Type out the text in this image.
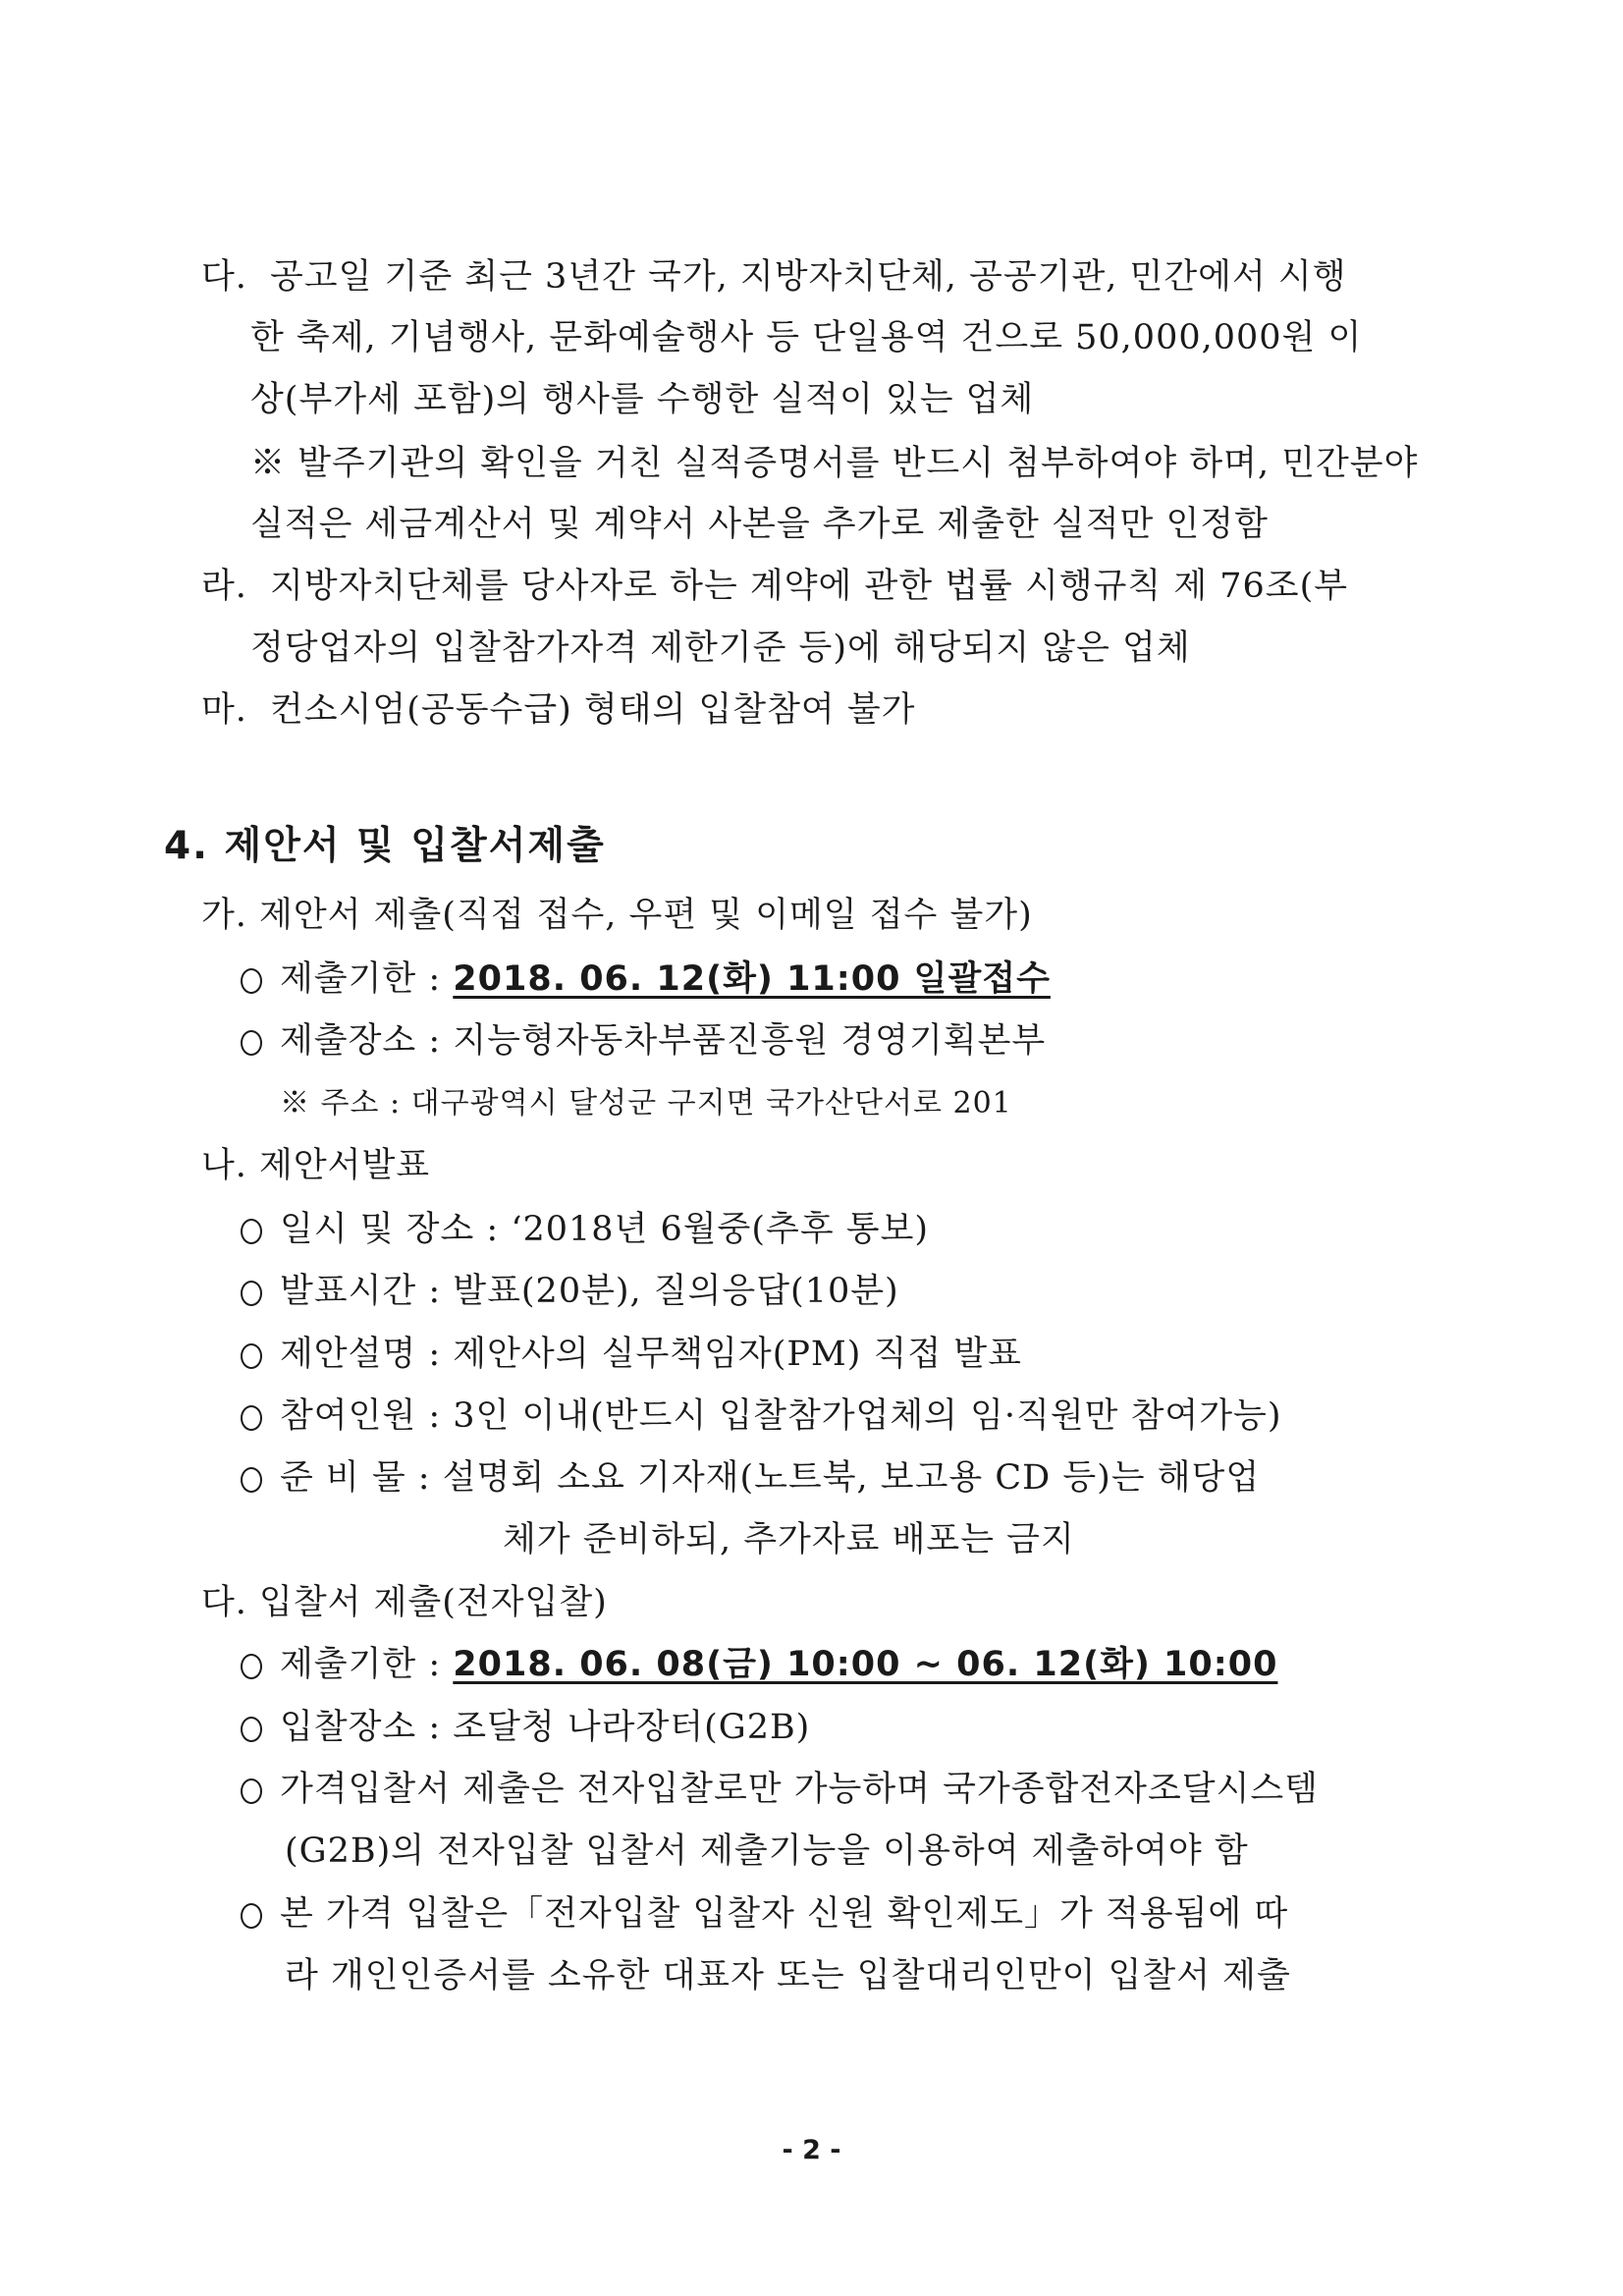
다. 공고일 기준 최근 3년간 국가, 지방자치단체, 공공기관, 민간에서 시행
한 축제, 기념행사, 문화예술행사 등 단일용역 건으로 50,000,000원 이
상(부가세 포함)의 행사를 수행한 실적이 있는 업체
※ 발주기관의 확인을 거친 실적증명서를 반드시 첨부하여야 하며, 민간분야
실적은 세금계산서 및 계약서 사본을 추가로 제출한 실적만 인정함
라. 지방자치단체를 당사자로 하는 계약에 관한 법률 시행규칙 제 76조(부
정당업자의 입찰참가자격 제한기준 등)에 해당되지 않은 업체
마. 컨소시엄(공동수급) 형태의 입찰참여 불가
4. 제안서 및 입찰서제출
가. 제안서 제출(직접 접수, 우편 및 이메일 접수 불가)
제출기한 : 2018. 06. 12(화) 11:00 일괄접수
제출장소 : 지능형자동차부품진흥원 경영기획본부
※ 주소 : 대구광역시 달성군 구지면 국가산단서로 201
나. 제안서발표
일시 및 장소 : ‘2018년 6월중(추후 통보)
발표시간 : 발표(20분), 질의응답(10분)
제안설명 : 제안사의 실무책임자(PM) 직접 발표
참여인원 : 3인 이내(반드시 입찰참가업체의 임·직원만 참여가능)
준 비 물 : 설명회 소요 기자재(노트북, 보고용 CD 등)는 해당업
체가 준비하되, 추가자료 배포는 금지
다. 입찰서 제출(전자입찰)
제출기한 : 2018. 06. 08(금) 10:00 ~ 06. 12(화) 10:00
입찰장소 : 조달청 나라장터(G2B)
가격입찰서 제출은 전자입찰로만 가능하며 국가종합전자조달시스템
(G2B)의 전자입찰 입찰서 제출기능을 이용하여 제출하여야 함
본 가격 입찰은「전자입찰 입찰자 신원 확인제도」가 적용됨에 따
라 개인인증서를 소유한 대표자 또는 입찰대리인만이 입찰서 제출
- 2 -
